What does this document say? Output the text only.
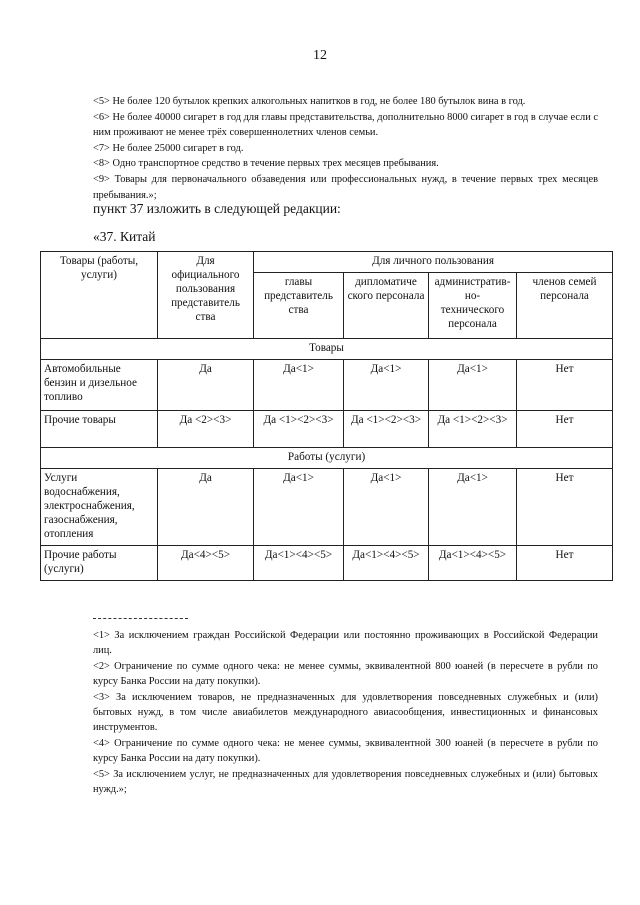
12

<5> Не более 120 бутылок крепких алкогольных напитков в год, не более 180 бутылок вина в год.

<6> Не более 40000 сигарет в год для главы представительства, дополнительно 8000 сигарет в год в случае если с ним проживают не менее трёх совершеннолетних членов семьи.

<7> Не более 25000 сигарет в год.

<8> Одно транспортное средство в течение первых трех месяцев пребывания.

<9> Товары для первоначального обзаведения или профессиональных нужд, в течение первых трех месяцев пребывания.»;

пункт 37 изложить в следующей редакции:
«37. Китай
Товары (работы, услуги)	Для официального пользования представитель ства	Для личного пользования			
		главы представитель ства	дипломатиче ского персонала	административ-но- технического персонала	членов семей персонала
Товары					
Автомобильные бензин и дизельное топливо	Да	Да<1>	Да<1>	Да<1>	Нет
Прочие товары	Да <2><3>	Да <1><2><3>	Да <1><2><3>	Да <1><2><3>	Нет
Работы (услуги)					
Услуги водоснабжения, электроснабжения, газоснабжения, отопления	Да	Да<1>	Да<1>	Да<1>	Нет
Прочие работы (услуги)	Да<4><5>	Да<1><4><5>	Да<1><4><5>	Да<1><4><5>	Нет

<1> За исключением граждан Российской Федерации или постоянно проживающих в Российской Федерации лиц.

<2> Ограничение по сумме одного чека: не менее суммы, эквивалентной 800 юаней (в пересчете в рубли по курсу Банка России на дату покупки).

<3> За исключением товаров, не предназначенных для удовлетворения повседневных служебных и (или) бытовых нужд, в том числе авиабилетов международного авиасообщения, инвестиционных и финансовых инструментов.

<4> Ограничение по сумме одного чека: не менее суммы, эквивалентной 300 юаней (в пересчете в рубли по курсу Банка России на дату покупки).

<5> За исключением услуг, не предназначенных для удовлетворения повседневных служебных и (или) бытовых нужд.»;
